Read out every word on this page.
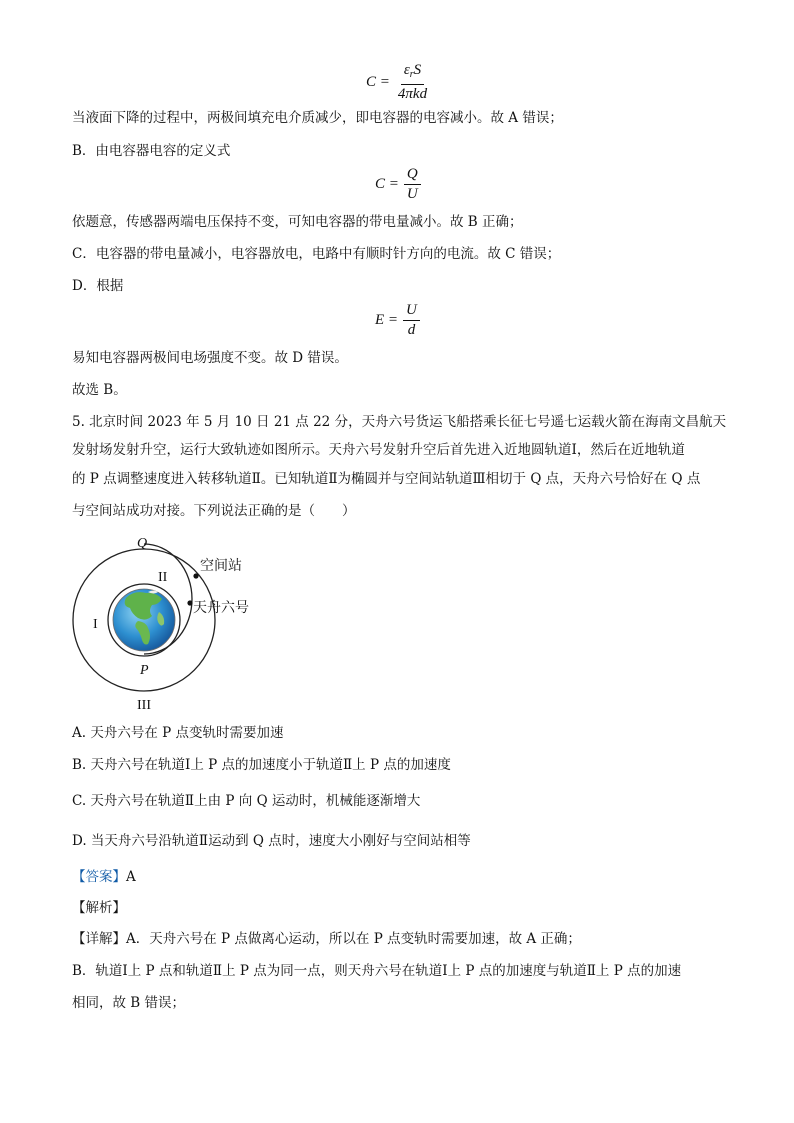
$C = \frac{\varepsilon_rS}{\text{4πkd}}$
当液面下降的过程中，两极间填充电介质减少，即电容器的电容减小。故 A 错误；
B．由电容器电容的定义式
$C = \frac{Q}{U}$
依题意，传感器两端电压保持不变，可知电容器的带电量减小。故 B 正确；
C．电容器的带电量减小，电容器放电，电路中有顺时针方向的电流。故 C 错误；
D．根据
$E = \frac{U}{d}$
易知电容器两极间电场强度不变。故 D 错误。
故选 B。
5. 北京时间 2023 年 5 月 10 日 21 点 22 分，天舟六号货运飞船搭乘长征七号遥七运载火箭在海南文昌航天
发射场发射升空，运行大致轨迹如图所示。天舟六号发射升空后首先进入近地圆轨道Ⅰ，然后在近地轨道
的 P 点调整速度进入转移轨道Ⅱ。已知轨道Ⅱ为椭圆并与空间站轨道Ⅲ相切于 Q 点，天舟六号恰好在 Q 点
与空间站成功对接。下列说法正确的是（　　）
Q
II
空间站
天舟六号
I
P
III
A. 天舟六号在 P 点变轨时需要加速
B. 天舟六号在轨道Ⅰ上 P 点的加速度小于轨道Ⅱ上 P 点的加速度
C. 天舟六号在轨道Ⅱ上由 P 向 Q 运动时，机械能逐渐增大
D. 当天舟六号沿轨道Ⅱ运动到 Q 点时，速度大小刚好与空间站相等
【答案】A
【解析】
【详解】A．天舟六号在 P 点做离心运动，所以在 P 点变轨时需要加速，故 A 正确；
B．轨道Ⅰ上 P 点和轨道Ⅱ上 P 点为同一点，则天舟六号在轨道Ⅰ上 P 点的加速度与轨道Ⅱ上 P 点的加速
相同，故 B 错误；
